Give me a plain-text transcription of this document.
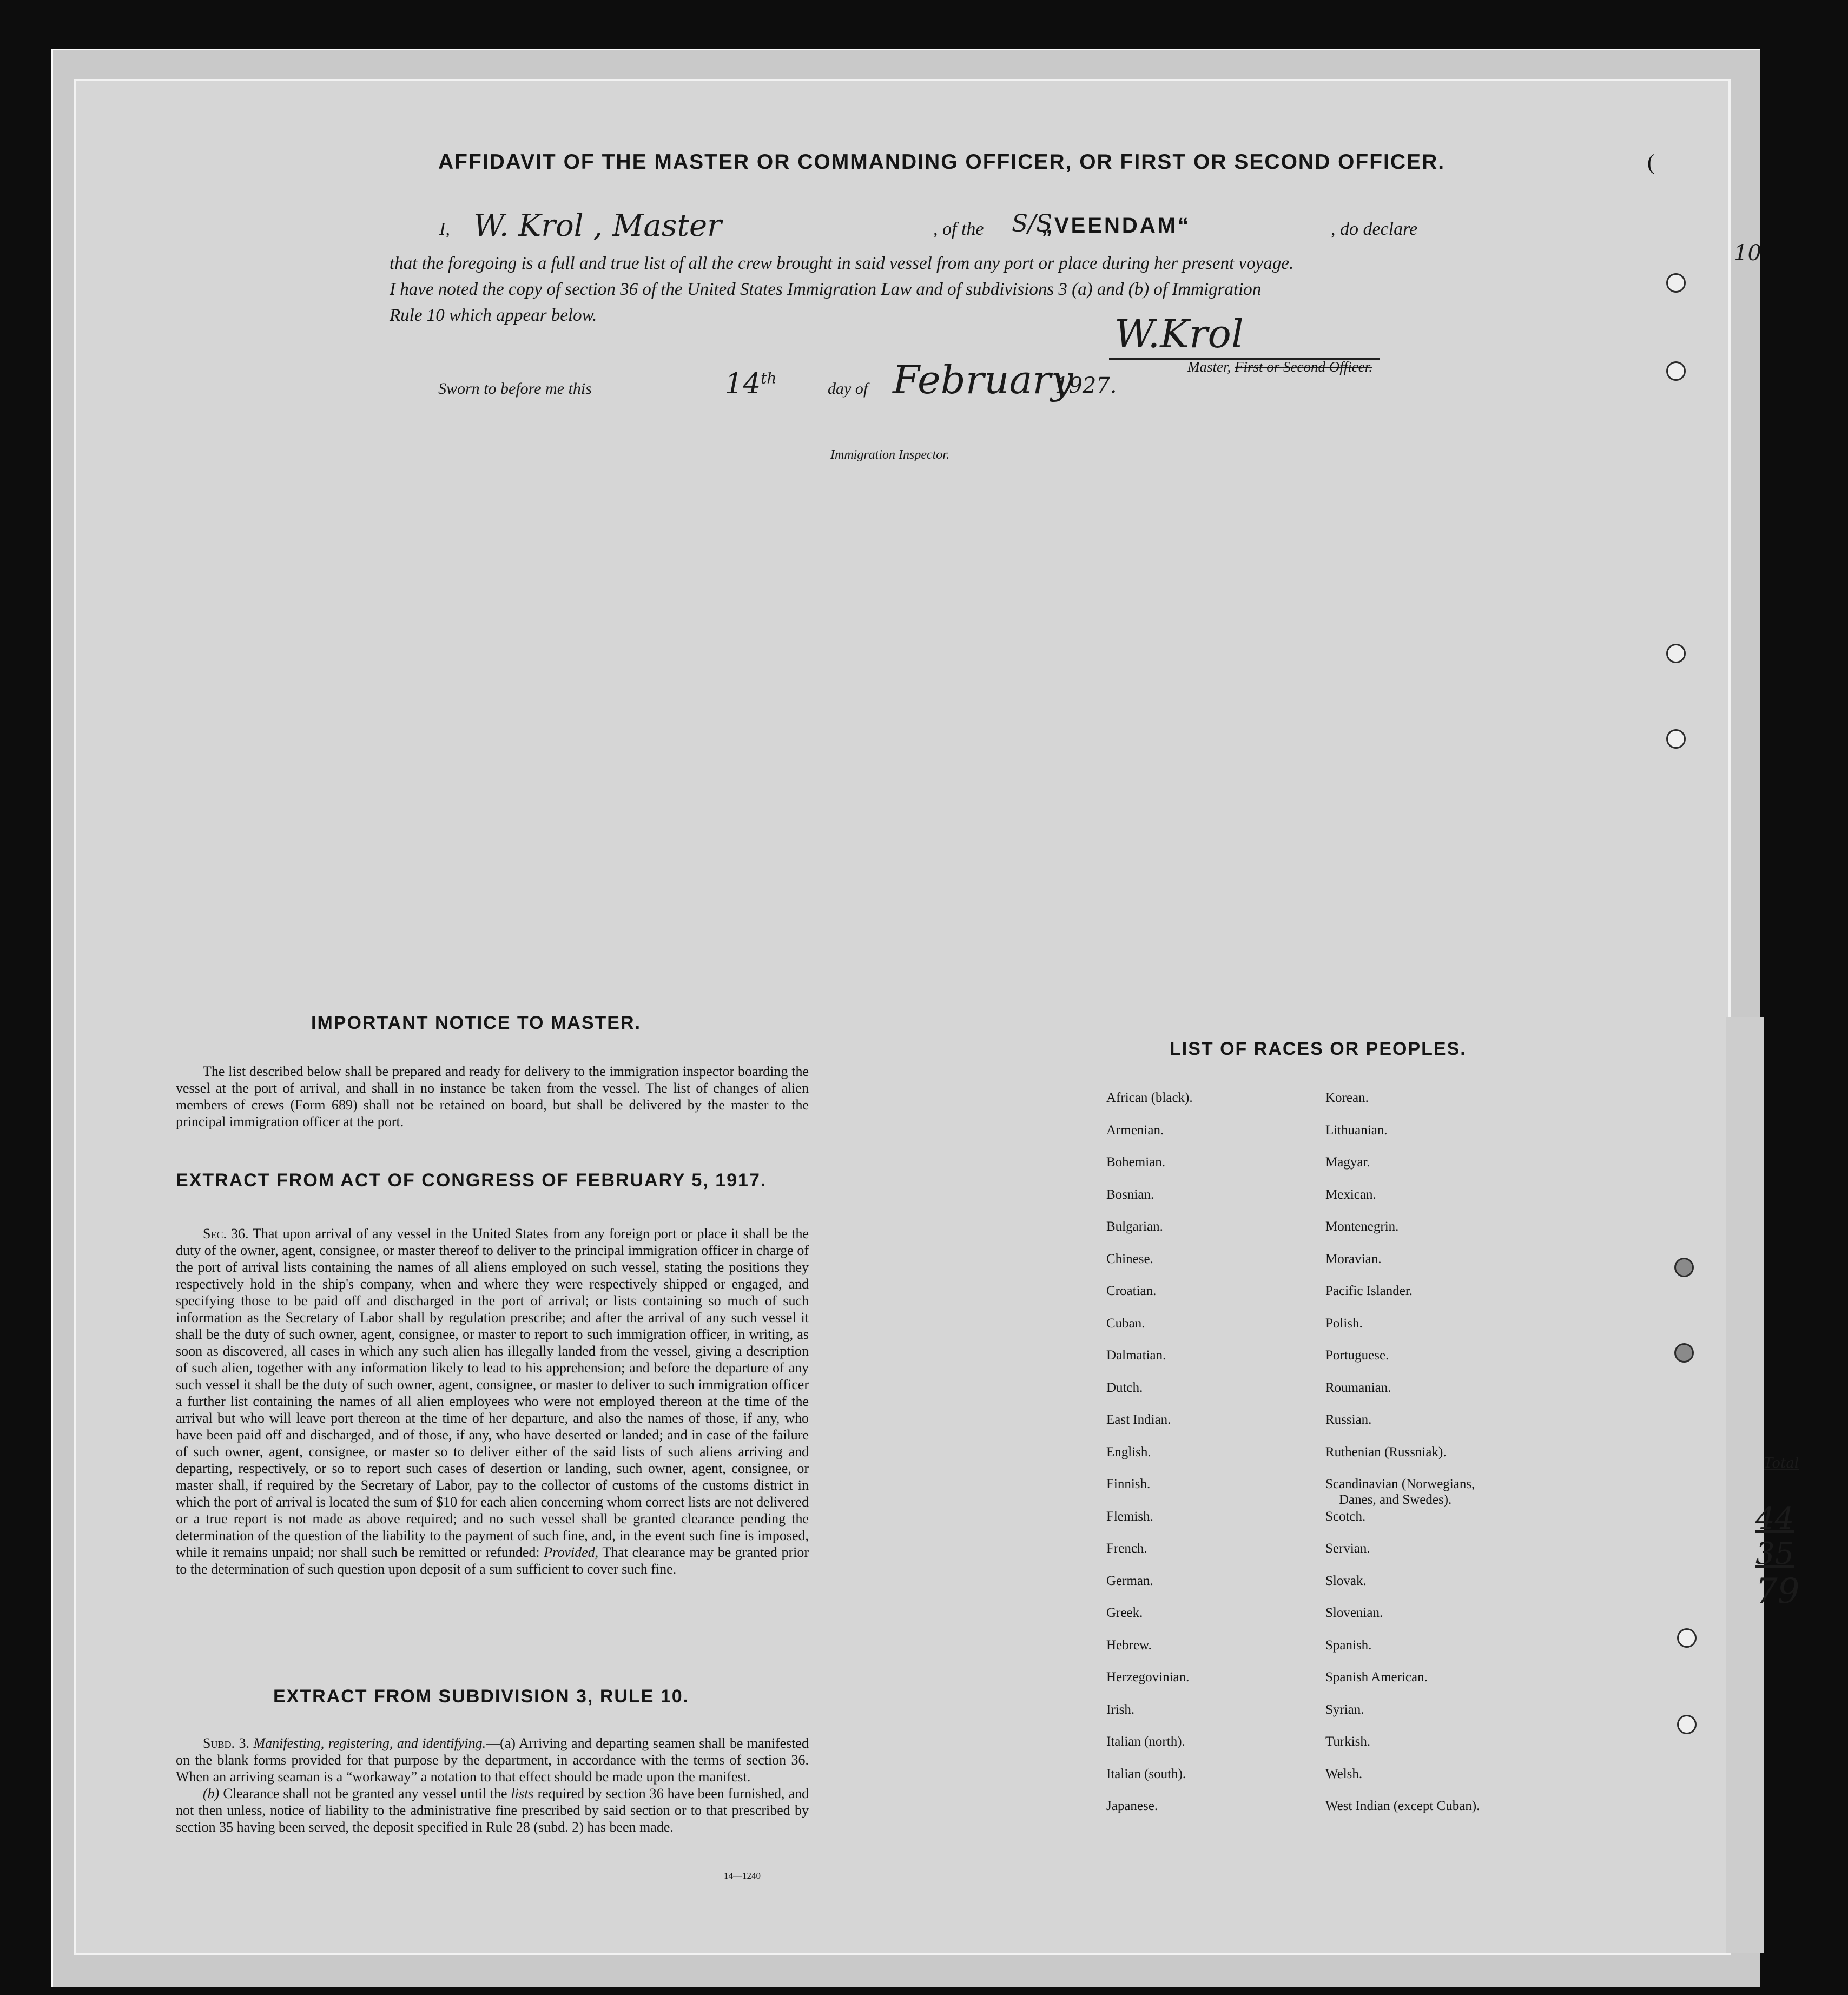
AFFIDAVIT OF THE MASTER OR COMMANDING OFFICER, OR FIRST OR SECOND OFFICER.
I, W. Krol , Master	, of the S/S
„VEENDAM“	, do declare
that the foregoing is a full and true list of all the crew brought in said vessel from any port or place during her present voyage.
I have noted the copy of section 36 of the United States Immigration Law and of subdivisions 3 (a) and (b) of Immigration
Rule 10 which appear below.	W.Krol
Master, First or Second Officer.
Sworn to before me this	14th
day of February
1927.
Immigration Inspector.
IMPORTANT NOTICE TO MASTER.
The list described below shall be prepared and ready for delivery to the immigration inspector boarding the vessel at the port of arrival, and shall in no instance be taken from the vessel. The list of changes of alien members of crews (Form 689) shall not be retained on board, but shall be delivered by the master to the principal immigration officer at the port.
EXTRACT FROM ACT OF CONGRESS OF FEBRUARY 5, 1917.
Sec. 36. That upon arrival of any vessel in the United States from any foreign port or place it shall be the duty of the owner, agent, consignee, or master thereof to deliver to the principal immigration officer in charge of the port of arrival lists containing the names of all aliens employed on such vessel, stating the positions they respectively hold in the ship's company, when and where they were respectively shipped or engaged, and specifying those to be paid off and discharged in the port of arrival; or lists containing so much of such information as the Secretary of Labor shall by regulation prescribe; and after the arrival of any such vessel it shall be the duty of such owner, agent, consignee, or master to report to such immigration officer, in writing, as soon as discovered, all cases in which any such alien has illegally landed from the vessel, giving a description of such alien, together with any information likely to lead to his apprehension; and before the departure of any such vessel it shall be the duty of such owner, agent, consignee, or master to deliver to such immigration officer a further list containing the names of all alien employees who were not employed thereon at the time of the arrival but who will leave port thereon at the time of her departure, and also the names of those, if any, who have been paid off and discharged, and of those, if any, who have deserted or landed; and in case of the failure of such owner, agent, consignee, or master so to deliver either of the said lists of such aliens arriving and departing, respectively, or so to report such cases of desertion or landing, such owner, agent, consignee, or master shall, if required by the Secretary of Labor, pay to the collector of customs of the customs district in which the port of arrival is located the sum of $10 for each alien concerning whom correct lists are not delivered or a true report is not made as above required; and no such vessel shall be granted clearance pending the determination of the question of the liability to the payment of such fine, and, in the event such fine is imposed, while it remains unpaid; nor shall such be remitted or refunded: Provided, That clearance may be granted prior to the determination of such question upon deposit of a sum sufficient to cover such fine.
EXTRACT FROM SUBDIVISION 3, RULE 10.
Subd. 3. Manifesting, registering, and identifying.—(a) Arriving and departing seamen shall be manifested on the blank forms provided for that purpose by the department, in accordance with the terms of section 36. When an arriving seaman is a “workaway” a notation to that effect should be made upon the manifest.
(b) Clearance shall not be granted any vessel until the lists required by section 36 have been furnished, and not then unless, notice of liability to the administrative fine prescribed by said section or to that prescribed by section 35 having been served, the deposit specified in Rule 28 (subd. 2) has been made.
14—1240
LIST OF RACES OR PEOPLES.
African (black).
Armenian.
Bohemian.
Bosnian.
Bulgarian.
Chinese.
Croatian.
Cuban.
Dalmatian.
Dutch.
East Indian.
English.
Finnish.
Flemish.
French.
German.
Greek.
Hebrew.
Herzegovinian.
Irish.
Italian (north).
Italian (south).
Japanese.
Korean.
Lithuanian.
Magyar.
Mexican.
Montenegrin.
Moravian.
Pacific Islander.
Polish.
Portuguese.
Roumanian.
Russian.
Ruthenian (Russniak).
Scandinavian (Norwegians,
Danes, and Swedes).
Scotch.
Servian.
Slovak.
Slovenian.
Spanish.
Spanish American.
Syrian.
Turkish.
Welsh.
West Indian (except Cuban).
10
Total
44
35
79
(
